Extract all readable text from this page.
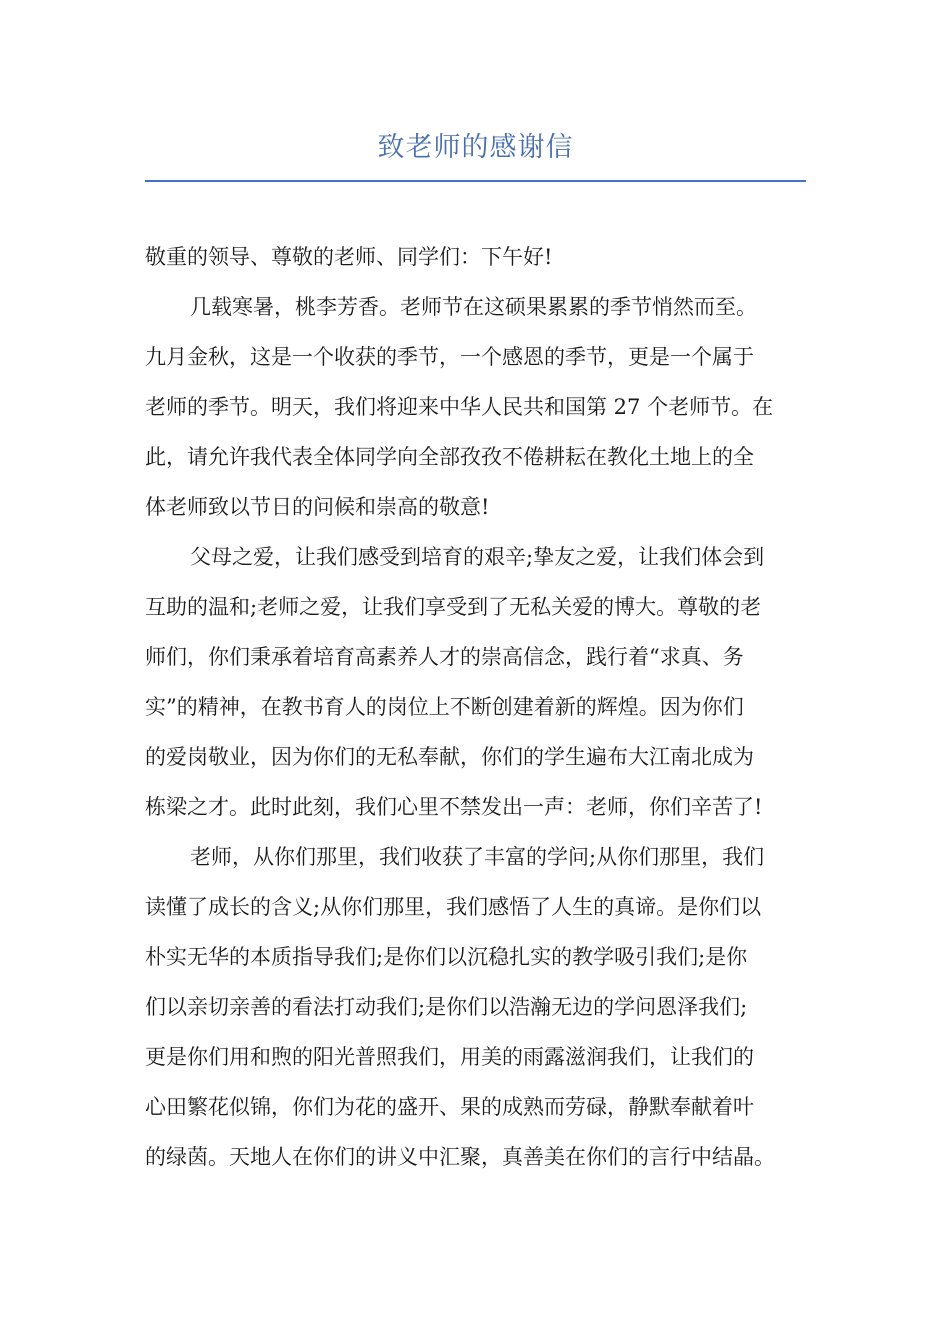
致老师的感谢信
敬重的领导、尊敬的老师、同学们：下午好!
几载寒暑，桃李芳香。老师节在这硕果累累的季节悄然而至。
九月金秋，这是一个收获的季节，一个感恩的季节，更是一个属于
老师的季节。明天，我们将迎来中华人民共和国第 27 个老师节。在
此，请允许我代表全体同学向全部孜孜不倦耕耘在教化土地上的全
体老师致以节日的问候和崇高的敬意!
父母之爱，让我们感受到培育的艰辛;挚友之爱，让我们体会到
互助的温和;老师之爱，让我们享受到了无私关爱的博大。尊敬的老
师们，你们秉承着培育高素养人才的崇高信念，践行着“求真、务
实”的精神，在教书育人的岗位上不断创建着新的辉煌。因为你们
的爱岗敬业，因为你们的无私奉献，你们的学生遍布大江南北成为
栋梁之才。此时此刻，我们心里不禁发出一声：老师，你们辛苦了!
老师，从你们那里，我们收获了丰富的学问;从你们那里，我们
读懂了成长的含义;从你们那里，我们感悟了人生的真谛。是你们以
朴实无华的本质指导我们;是你们以沉稳扎实的教学吸引我们;是你
们以亲切亲善的看法打动我们;是你们以浩瀚无边的学问恩泽我们;
更是你们用和煦的阳光普照我们，用美的雨露滋润我们，让我们的
心田繁花似锦，你们为花的盛开、果的成熟而劳碌，静默奉献着叶
的绿茵。天地人在你们的讲义中汇聚，真善美在你们的言行中结晶。
